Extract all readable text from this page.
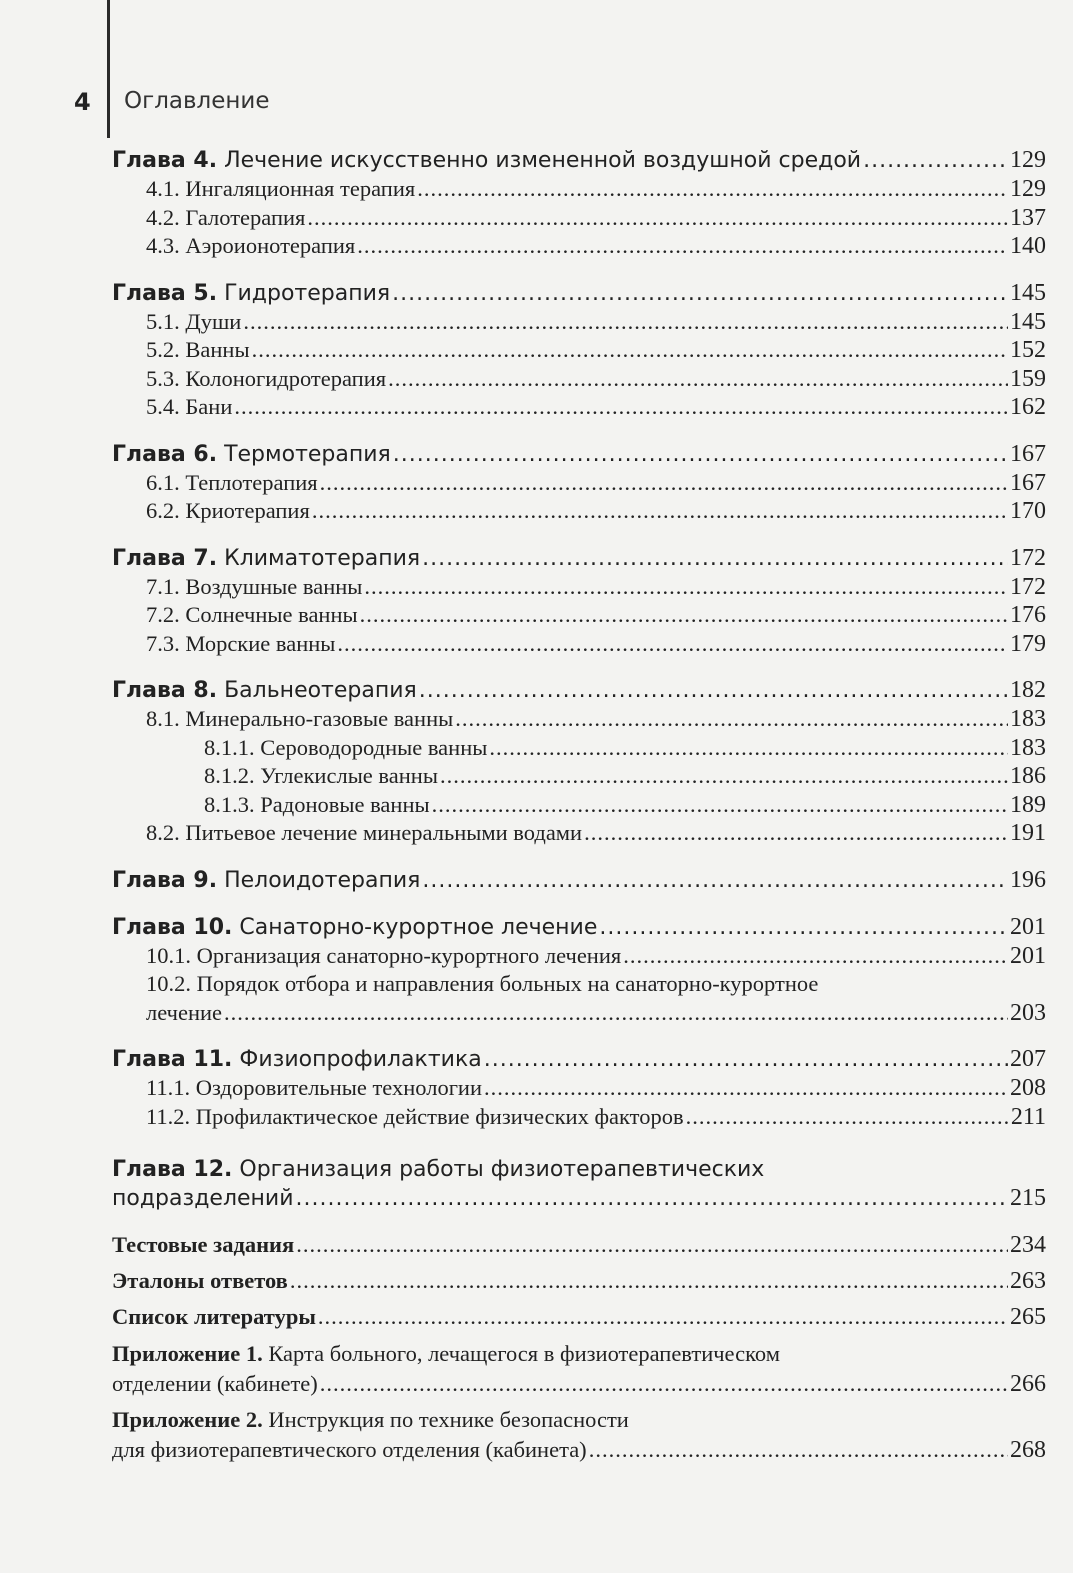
4 Оглавление
Глава 4. Лечение искусственно измененной воздушной средой .....	129
4.1. Ингаляционная терапия .....	129
4.2. Галотерапия .....	137
4.3. Аэроионотерапия .....	140
Глава 5. Гидротерапия .....	145
5.1. Души .....	145
5.2. Ванны .....	152
5.3. Колоногидротерапия .....	159
5.4. Бани .....	162
Глава 6. Термотерапия .....	167
6.1. Теплотерапия .....	167
6.2. Криотерапия .....	170
Глава 7. Климатотерапия .....	172
7.1. Воздушные ванны .....	172
7.2. Солнечные ванны .....	176
7.3. Морские ванны .....	179
Глава 8. Бальнеотерапия .....	182
8.1. Минерально-газовые ванны .....	183
8.1.1. Сероводородные ванны .....	183
8.1.2. Углекислые ванны .....	186
8.1.3. Радоновые ванны .....	189
8.2. Питьевое лечение минеральными водами .....	191
Глава 9. Пелоидотерапия .....	196
Глава 10. Санаторно-курортное лечение .....	201
10.1. Организация санаторно-курортного лечения .....	201
10.2. Порядок отбора и направления больных на санаторно-курортное
лечение .....	203
Глава 11. Физиопрофилактика .....	207
11.1. Оздоровительные технологии .....	208
11.2. Профилактическое действие физических факторов .....	211
Глава 12. Организация работы физиотерапевтических
подразделений .....	215
Тестовые задания .....	234
Эталоны ответов .....	263
Список литературы .....	265
Приложение 1. Карта больного, лечащегося в физиотерапевтическом
отделении (кабинете) .....	266
Приложение 2. Инструкция по технике безопасности
для физиотерапевтического отделения (кабинета) .....	268
